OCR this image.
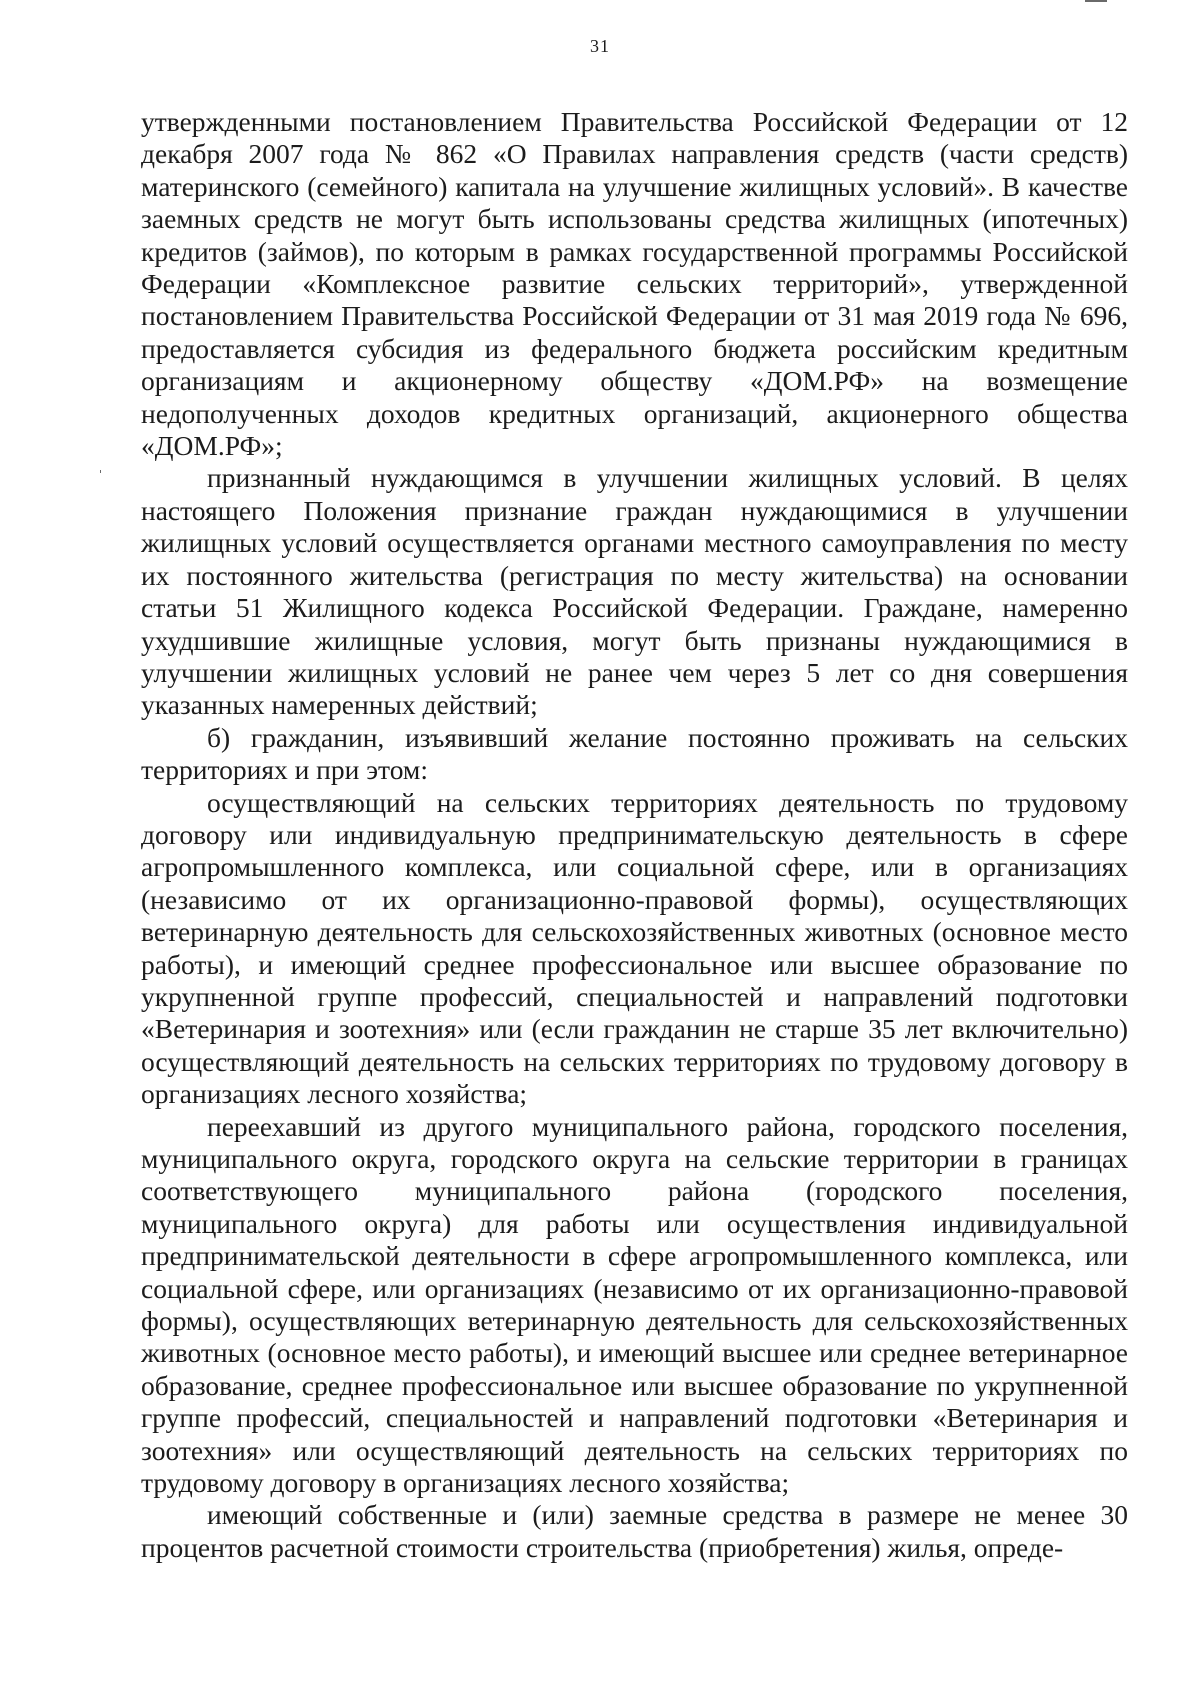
31

утвержденными постановлением Правительства Российской Федерации от 12 декабря 2007 года № 862 «О Правилах направления средств (части средств) материнского (семейного) капитала на улучшение жилищных условий». В качестве заемных средств не могут быть использованы средства жилищных (ипотечных) кредитов (займов), по которым в рамках государственной программы Российской Федерации «Комплексное развитие сельских территорий», утвержденной постановлением Правительства Российской Федерации от 31 мая 2019 года № 696, предоставляется субсидия из федерального бюджета российским кредитным организациям и акционерному обществу «ДОМ.РФ» на возмещение недополученных доходов кредитных организаций, акционерного общества «ДОМ.РФ»;

признанный нуждающимся в улучшении жилищных условий. В целях настоящего Положения признание граждан нуждающимися в улучшении жилищных условий осуществляется органами местного самоуправления по месту их постоянного жительства (регистрация по месту жительства) на основании статьи 51 Жилищного кодекса Российской Федерации. Граждане, намеренно ухудшившие жилищные условия, могут быть признаны нуждающимися в улучшении жилищных условий не ранее чем через 5 лет со дня совершения указанных намеренных действий;

б) гражданин, изъявивший желание постоянно проживать на сельских территориях и при этом:

осуществляющий на сельских территориях деятельность по трудовому договору или индивидуальную предпринимательскую деятельность в сфере агропромышленного комплекса, или социальной сфере, или в организациях (независимо от их организационно-правовой формы), осуществляющих ветеринарную деятельность для сельскохозяйственных животных (основное место работы), и имеющий среднее профессиональное или высшее образование по укрупненной группе профессий, специальностей и направлений подготовки «Ветеринария и зоотехния» или (если гражданин не старше 35 лет включительно) осуществляющий деятельность на сельских территориях по трудовому договору в организациях лесного хозяйства;

переехавший из другого муниципального района, городского поселения, муниципального округа, городского округа на сельские территории в границах соответствующего муниципального района (городского поселения, муниципального округа) для работы или осуществления индивидуальной предпринимательской деятельности в сфере агропромышленного комплекса, или социальной сфере, или организациях (независимо от их организационно-правовой формы), осуществляющих ветеринарную деятельность для сельскохозяйственных животных (основное место работы), и имеющий высшее или среднее ветеринарное образование, среднее профессиональное или высшее образование по укрупненной группе профессий, специальностей и направлений подготовки «Ветеринария и зоотехния» или осуществляющий деятельность на сельских территориях по трудовому договору в организациях лесного хозяйства;

имеющий собственные и (или) заемные средства в размере не менее 30 процентов расчетной стоимости строительства (приобретения) жилья, опреде-
